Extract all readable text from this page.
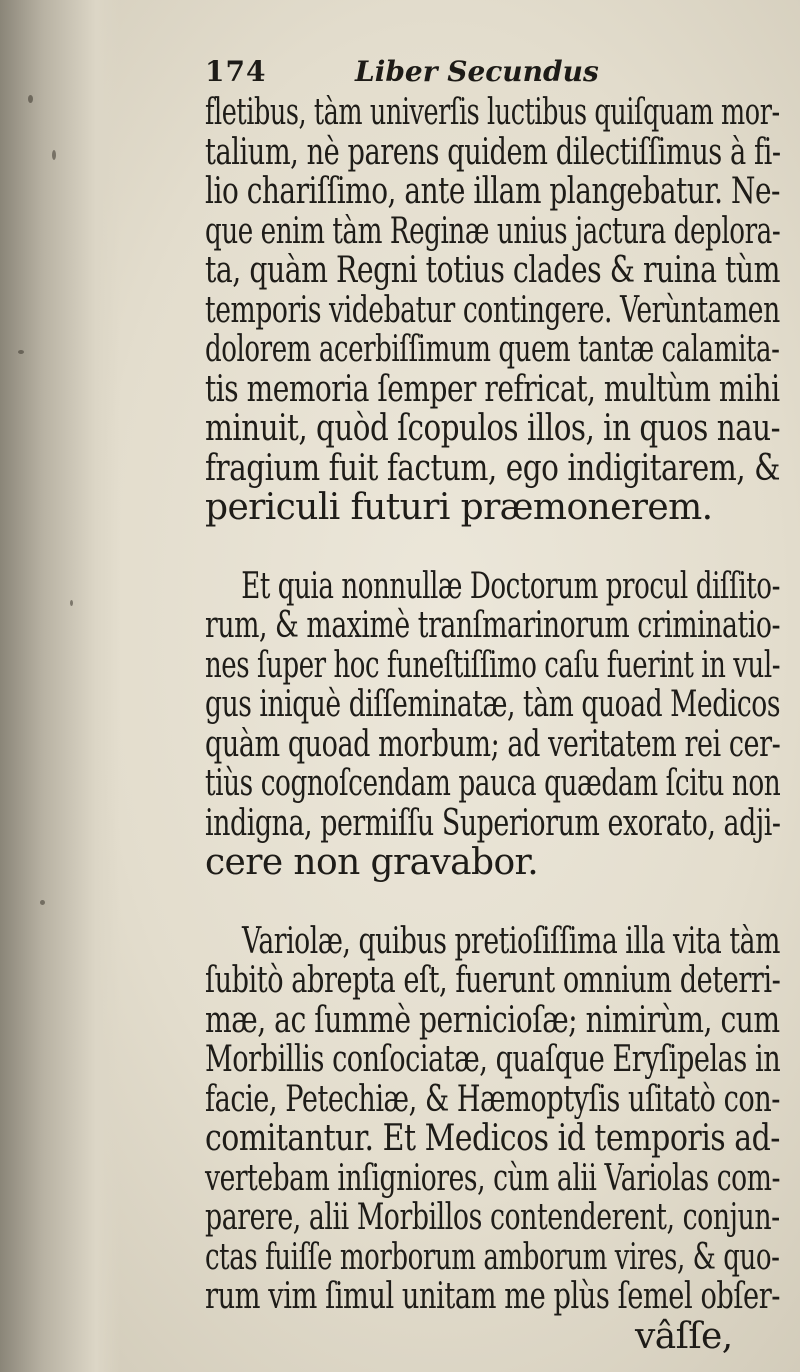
174	Liber Secundus
fletibus, tàm univerſis luctibus quiſquam mor-
talium, nè parens quidem dilectiſſimus à fi-
lio chariſſimo, ante illam plangebatur. Ne-
que enim tàm Reginæ unius jactura deplora-
ta, quàm Regni totius clades & ruina tùm
temporis videbatur contingere. Verùntamen
dolorem acerbiſſimum quem tantæ calamita-
tis memoria ſemper refricat, multùm mihi
minuit, quòd ſcopulos illos, in quos nau-
fragium fuit factum, ego indigitarem, &
periculi futuri præmonerem.
Et quia nonnullæ Doctorum procul diſſito-
rum, & maximè tranſmarinorum criminatio-
nes ſuper hoc funeſtiſſimo caſu fuerint in vul-
gus iniquè diſſeminatæ, tàm quoad Medicos
quàm quoad morbum; ad veritatem rei cer-
tiùs cognoſcendam pauca quædam ſcitu non
indigna, permiſſu Superiorum exorato, adji-
cere non gravabor.
Variolæ, quibus pretioſiſſima illa vita tàm
ſubitò abrepta eſt, fuerunt omnium deterri-
mæ, ac ſummè pernicioſæ; nimirùm, cum
Morbillis conſociatæ, quaſque Eryſipelas in
facie, Petechiæ, & Hæmoptyſis uſitatò con-
comitantur. Et Medicos id temporis ad-
vertebam inſigniores, cùm alii Variolas com-
parere, alii Morbillos contenderent, conjun-
ctas fuiſſe morborum amborum vires, & quo-
rum vim ſimul unitam me plùs ſemel obſer-
vâſſe,
